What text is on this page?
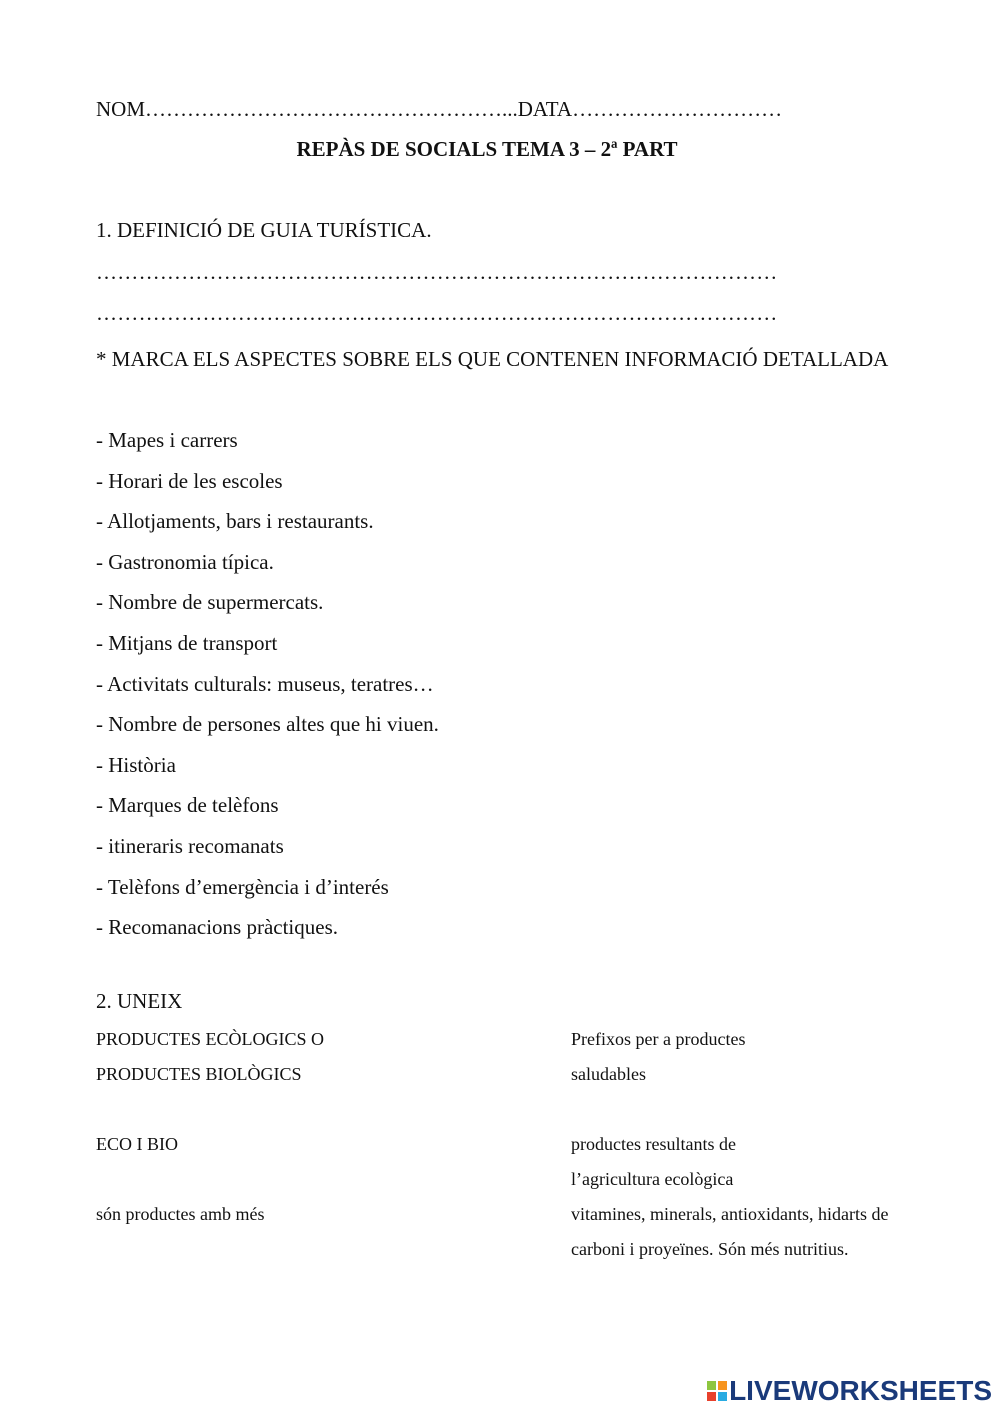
NOM……………………………………………...DATA…………………………
REPÀS DE SOCIALS TEMA 3 – 2ª PART
1. DEFINICIÓ DE GUIA TURÍSTICA.
……………………………………………………………………………………
……………………………………………………………………………………
* MARCA ELS ASPECTES SOBRE ELS QUE CONTENEN INFORMACIÓ DETALLADA
- Mapes i carrers
- Horari de les escoles
- Allotjaments, bars i restaurants.
- Gastronomia típica.
- Nombre de supermercats.
- Mitjans de transport
- Activitats culturals: museus, teratres…
- Nombre de persones altes que hi viuen.
- Història
- Marques de telèfons
- itineraris recomanats
- Telèfons d’emergència i d’interés
- Recomanacions pràctiques.
2. UNEIX
PRODUCTES ECÒLOGICS O PRODUCTES BIOLÒGICS
ECO I BIO
són productes amb més
Prefixos per a productes saludables
productes resultants de l’agricultura ecològica
vitamines, minerals, antioxidants, hidarts de carboni i proyeïnes. Són més nutritius.
LIVEWORKSHEETS
